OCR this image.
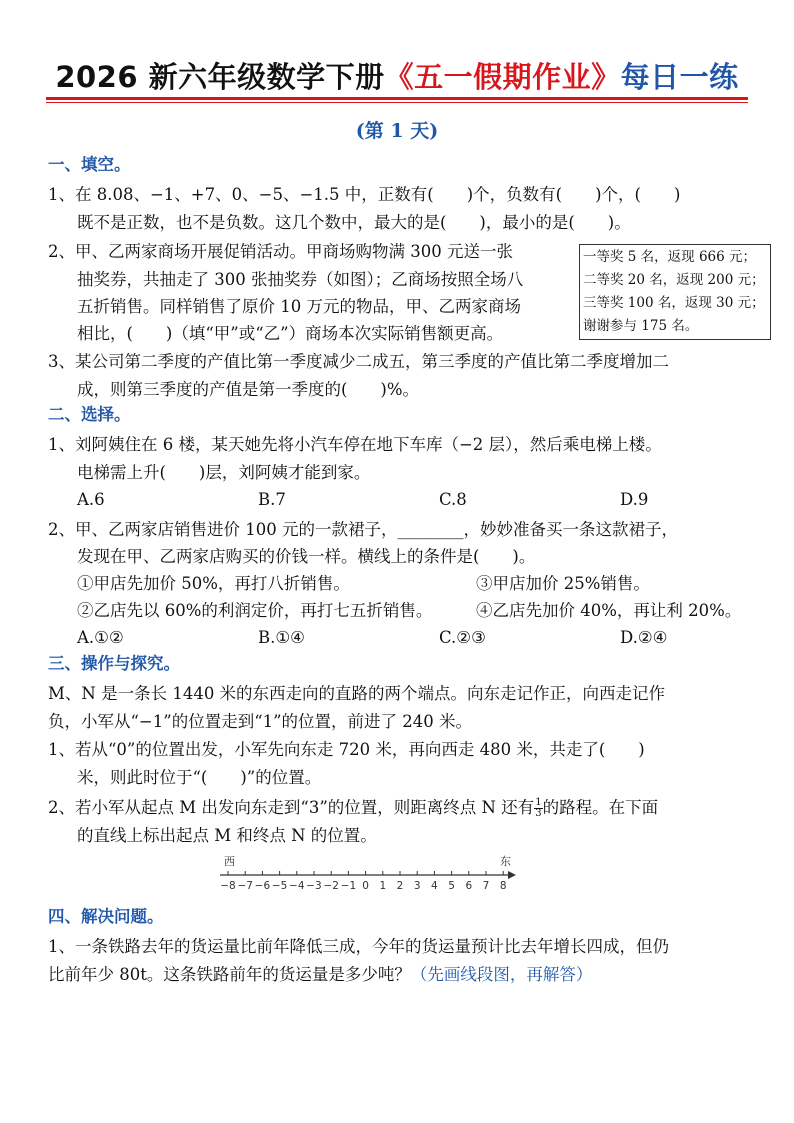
2026 新六年级数学下册《五一假期作业》每日一练
(第 1 天)
一、填空。
1、在 8.08、−1、+7、0、−5、−1.5 中，正数有(　　)个，负数有(　　)个，(　　)
既不是正数，也不是负数。这几个数中，最大的是(　　)，最小的是(　　)。
2、甲、乙两家商场开展促销活动。甲商场购物满 300 元送一张
抽奖券，共抽走了 300 张抽奖券（如图）；乙商场按照全场八
五折销售。同样销售了原价 10 万元的物品，甲、乙两家商场
相比，(　　)（填“甲”或“乙”）商场本次实际销售额更高。
一等奖 5 名，返现 666 元；
二等奖 20 名，返现 200 元；
三等奖 100 名，返现 30 元；
谢谢参与 175 名。
3、某公司第二季度的产值比第一季度减少二成五，第三季度的产值比第二季度增加二
成，则第三季度的产值是第一季度的(　　)%。
二、选择。
1、刘阿姨住在 6 楼，某天她先将小汽车停在地下车库（−2 层），然后乘电梯上楼。
电梯需上升(　　)层，刘阿姨才能到家。
A.6	B.7	C.8	D.9
2、甲、乙两家店销售进价 100 元的一款裙子，________，妙妙准备买一条这款裙子，
发现在甲、乙两家店购买的价钱一样。横线上的条件是(　　)。
①甲店先加价 50%，再打八折销售。	③甲店加价 25%销售。
②乙店先以 60%的利润定价，再打七五折销售。	④乙店先加价 40%，再让利 20%。
A.①②	B.①④	C.②③	D.②④
三、操作与探究。
M、N 是一条长 1440 米的东西走向的直路的两个端点。向东走记作正，向西走记作
负，小军从“−1”的位置走到“1”的位置，前进了 240 米。
1、若从“0”的位置出发，小军先向东走 720 米，再向西走 480 米，共走了(　　)
米，则此时位于“(　　)”的位置。
2、若小军从起点 M 出发向东走到“3”的位置，则距离终点 N 还有 $\frac{1}{3}$ 的路程。在下面
的直线上标出起点 M 和终点 N 的位置。
西	东
−8 −7 −6 −5 −4 −3 −2 −1 0 1 2 3 4 5 6 7 8
四、解决问题。
1、一条铁路去年的货运量比前年降低三成，今年的货运量预计比去年增长四成，但仍
比前年少 80t。这条铁路前年的货运量是多少吨？（先画线段图，再解答）
